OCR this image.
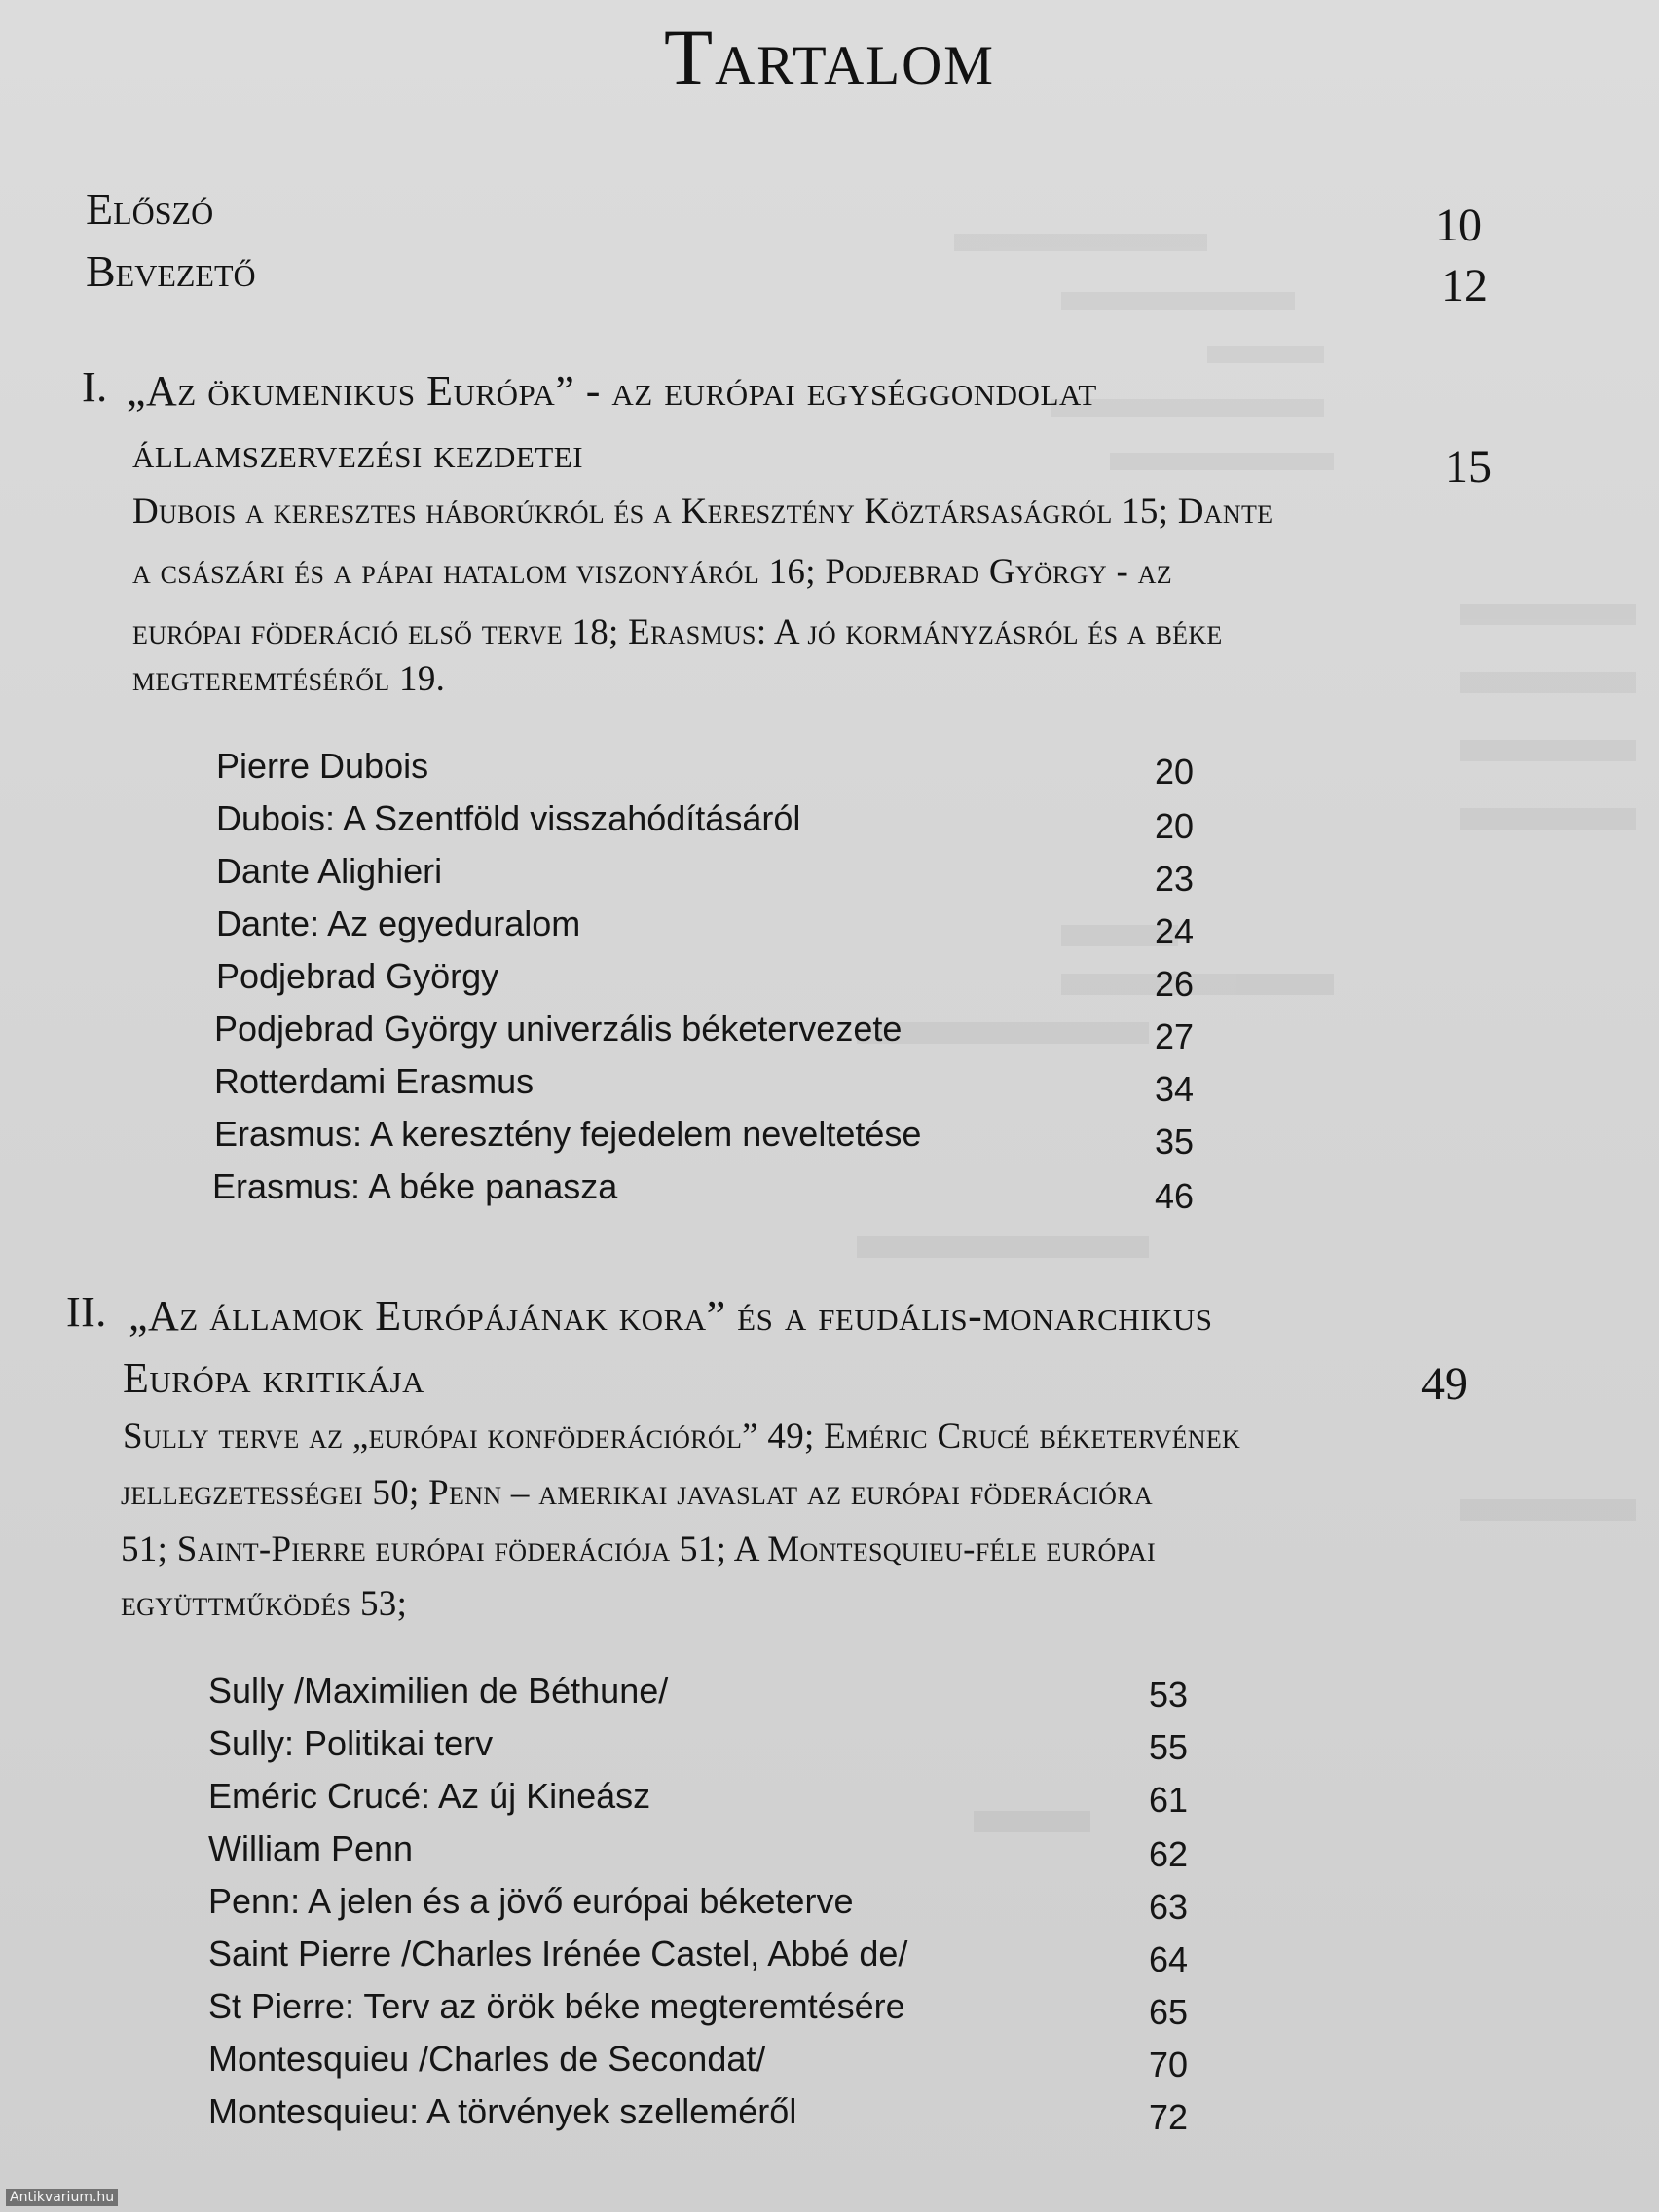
Tartalom
Előszó	10
Bevezető	12
I. „Az ökumenikus Európa” - az európai egységgondolat
államszervezési kezdetei	15
Dubois a keresztes háborúkról és a Keresztény Köztársaságról 15; Dante
a császári és a pápai hatalom viszonyáról 16; Podjebrad György - az
európai föderáció első terve 18; Erasmus: A jó kormányzásról és a béke
megteremtéséről 19.
Pierre Dubois	20
Dubois: A Szentföld visszahódításáról	20
Dante Alighieri	23
Dante: Az egyeduralom	24
Podjebrad György	26
Podjebrad György univerzális béketervezete	27
Rotterdami Erasmus	34
Erasmus: A keresztény fejedelem neveltetése	35
Erasmus: A béke panasza	46
II. „Az államok Európájának kora” és a feudális-monarchikus
Európa kritikája	49
Sully terve az „európai konföderációról” 49; Eméric Crucé béketervének
jellegzetességei 50; Penn – amerikai javaslat az európai föderációra
51; Saint-Pierre európai föderációja 51; A Montesquieu-féle európai
együttműködés 53;
Sully /Maximilien de Béthune/	53
Sully: Politikai terv	55
Eméric Crucé: Az új Kineász	61
William Penn	62
Penn: A jelen és a jövő európai béketerve	63
Saint Pierre /Charles Irénée Castel, Abbé de/	64
St Pierre: Terv az örök béke megteremtésére	65
Montesquieu /Charles de Secondat/	70
Montesquieu: A törvények szelleméről	72
Antikvarium.hu
